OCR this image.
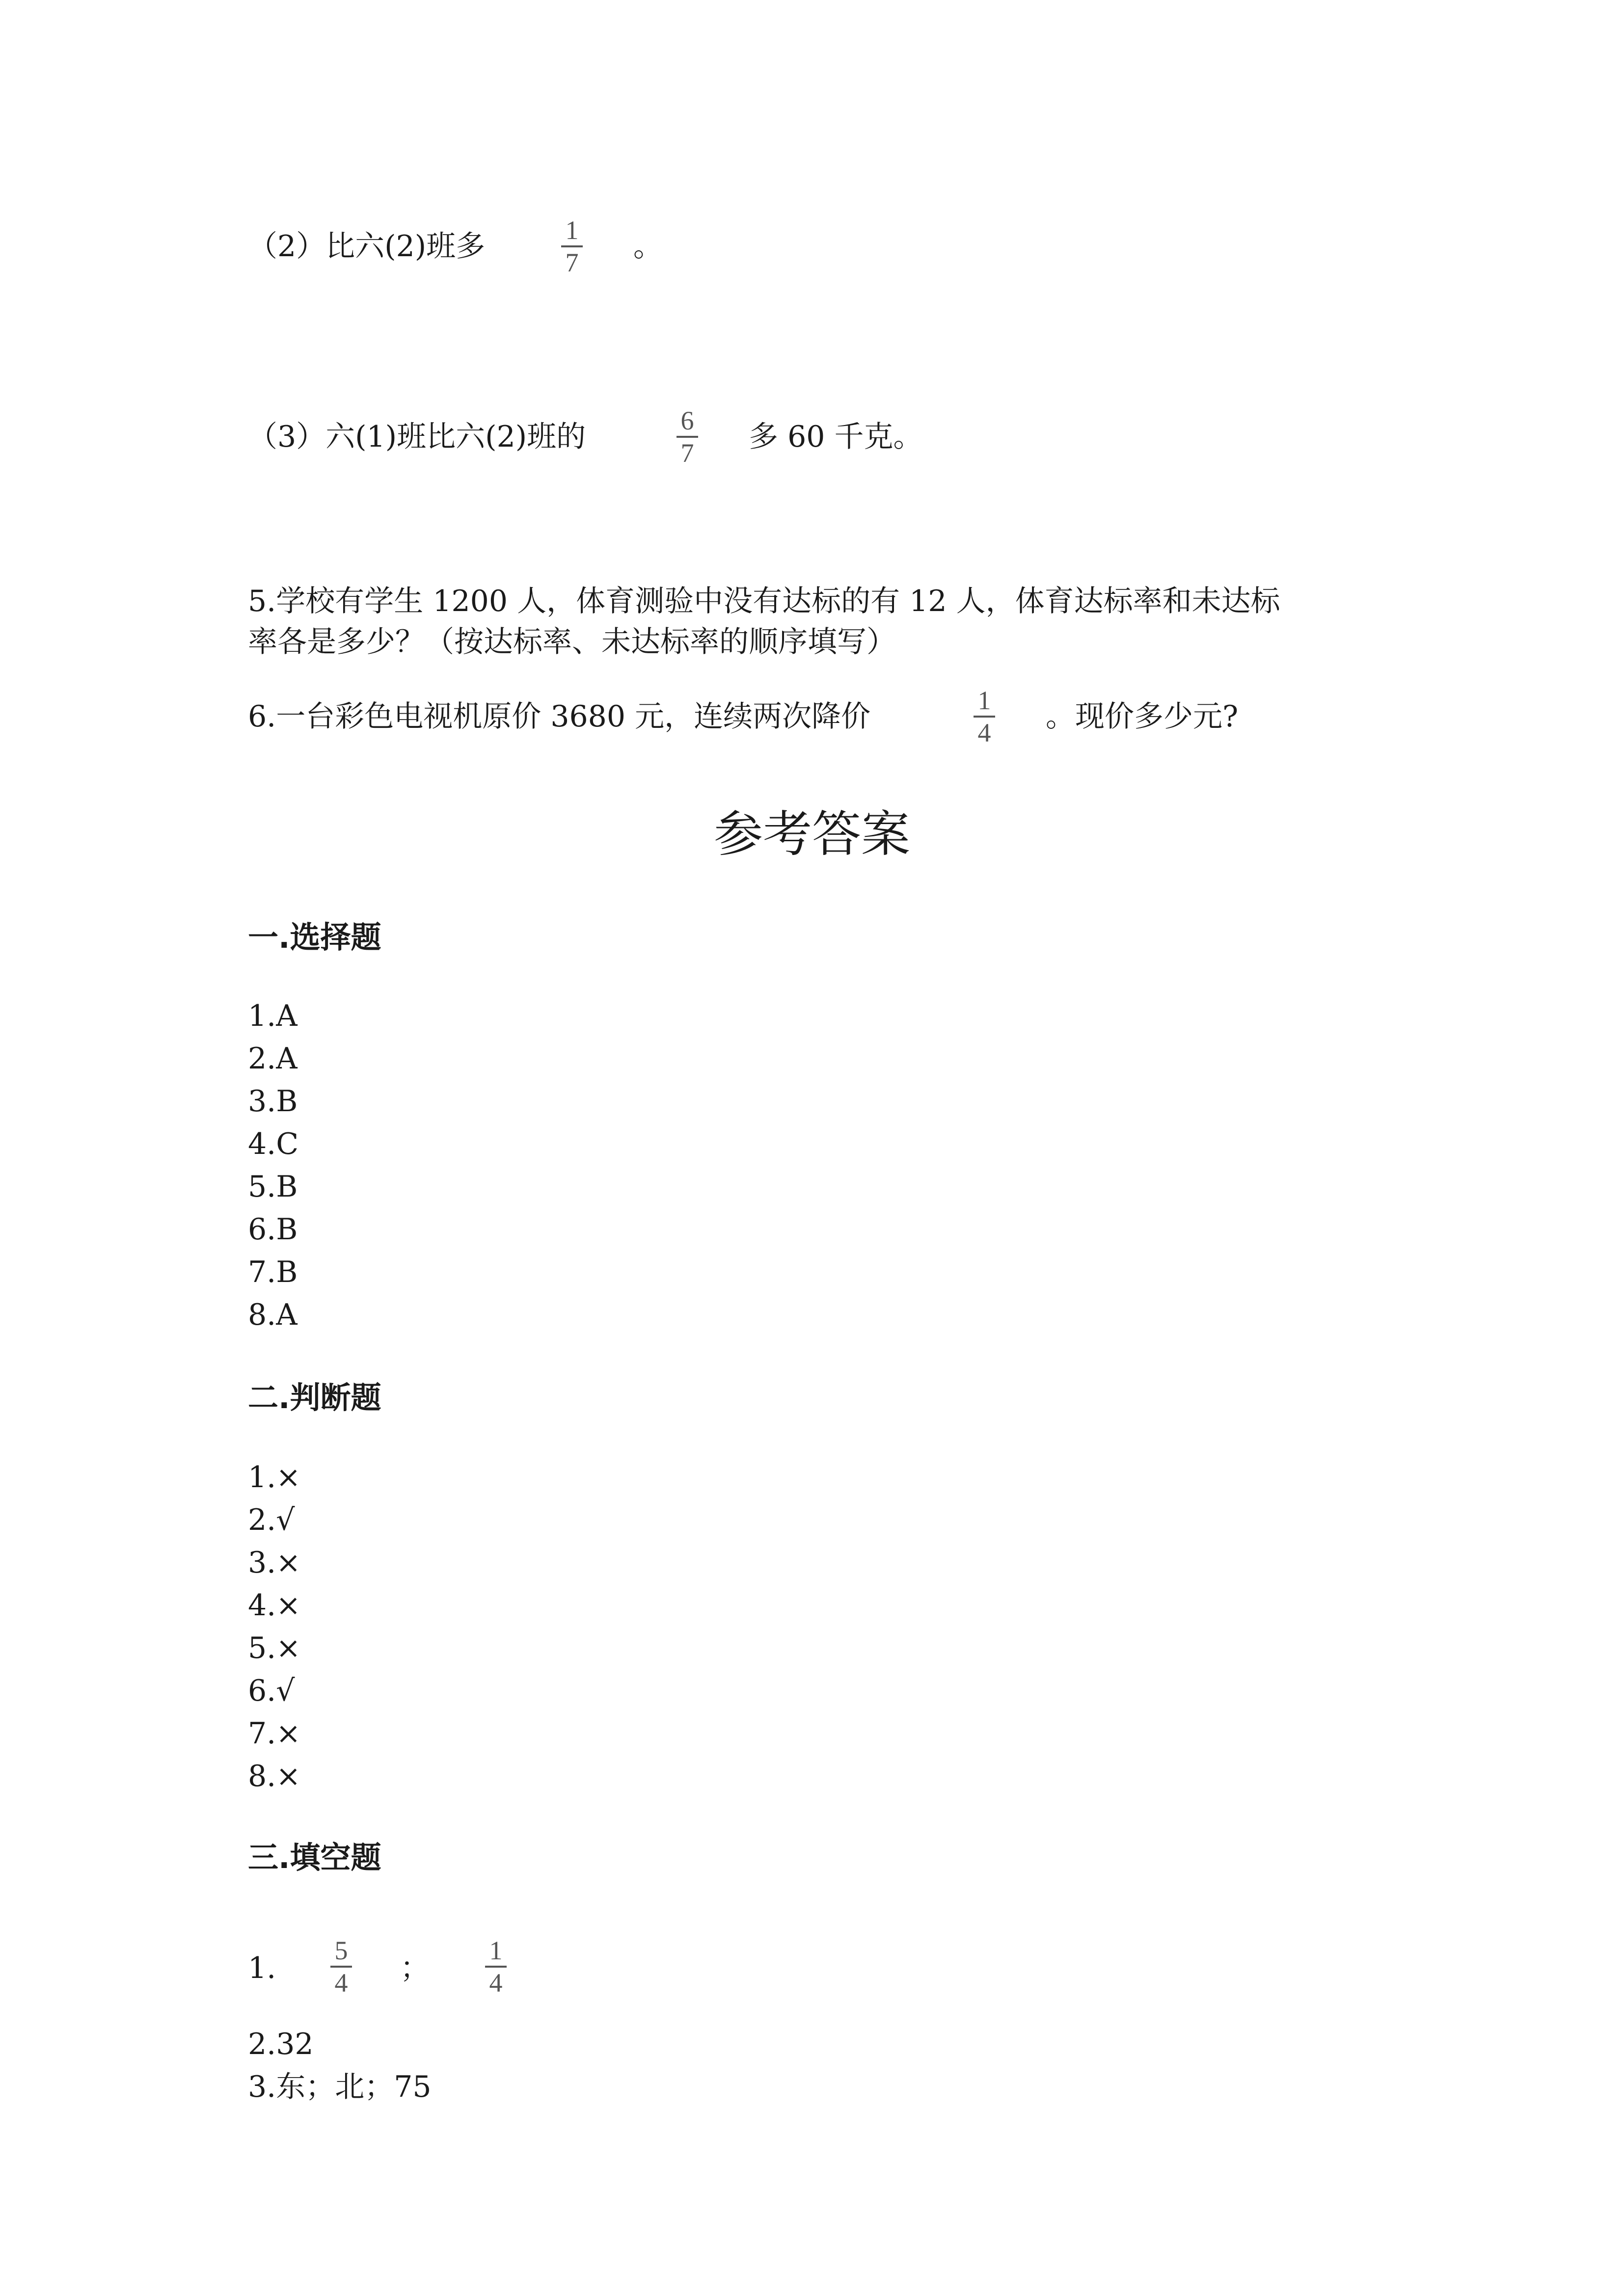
（2）比六(2)班多	1
7 。
（3）六(1)班比六(2)班的	6
7 多 60 千克。
5.学校有学生 1200 人，体育测验中没有达标的有 12 人，体育达标率和未达标
率各是多少？（按达标率、未达标率的顺序填写）
6.一台彩色电视机原价 3680 元，连续两次降价	1
4 。现价多少元?
参考答案
一.选择题
1.A
2.A
3.B
4.C
5.B
6.B
7.B
8.A
二.判断题
1.×
2.√
3.×
4.×
5.×
6.√
7.×
8.×
三.填空题
1.
5
4 ；
1
4
2.32
3.东；北；75
